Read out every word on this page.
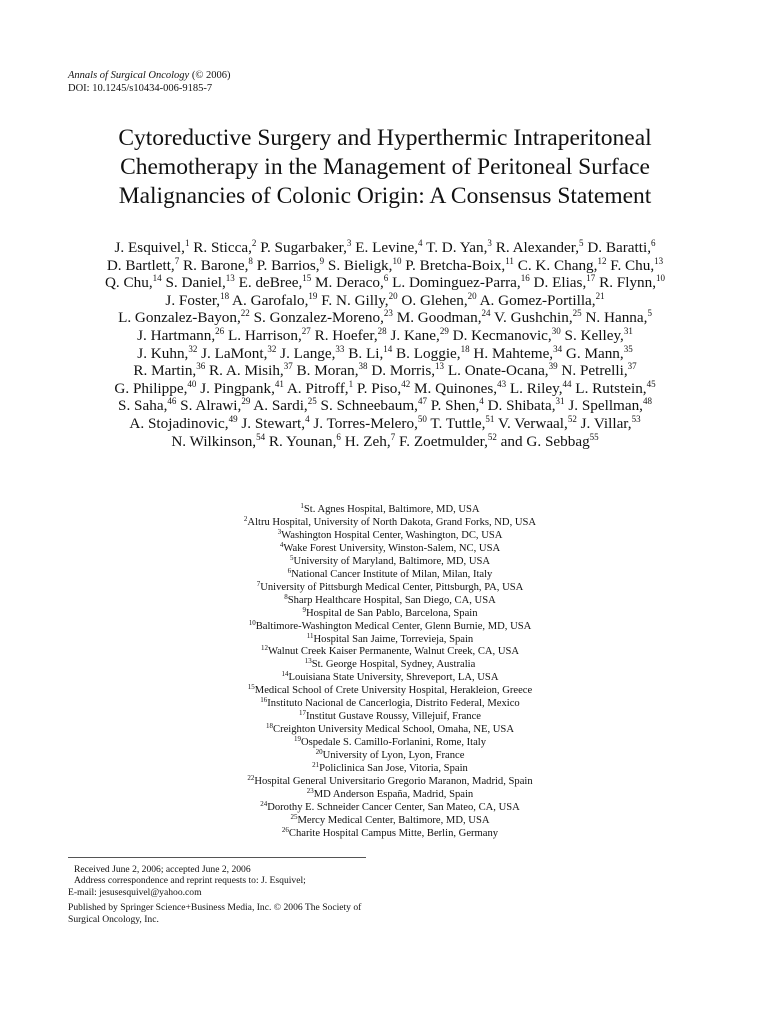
Annals of Surgical Oncology (© 2006)
DOI: 10.1245/s10434-006-9185-7
Cytoreductive Surgery and Hyperthermic Intraperitoneal
Chemotherapy in the Management of Peritoneal Surface
Malignancies of Colonic Origin: A Consensus Statement
J. Esquivel,$^1$ R. Sticca,$^2$ P. Sugarbaker,$^3$ E. Levine,$^4$ T. D. Yan,$^3$ R. Alexander,$^5$ D. Baratti,$^6$
D. Bartlett,$^7$ R. Barone,$^8$ P. Barrios,$^9$ S. Bieligk,$^{10}$ P. Bretcha-Boix,$^{11}$ C. K. Chang,$^{12}$ F. Chu,$^{13}$
Q. Chu,$^{14}$ S. Daniel,$^{13}$ E. deBree,$^{15}$ M. Deraco,$^6$ L. Dominguez-Parra,$^{16}$ D. Elias,$^{17}$ R. Flynn,$^{10}$
J. Foster,$^{18}$ A. Garofalo,$^{19}$ F. N. Gilly,$^{20}$ O. Glehen,$^{20}$ A. Gomez-Portilla,$^{21}$
L. Gonzalez-Bayon,$^{22}$ S. Gonzalez-Moreno,$^{23}$ M. Goodman,$^{24}$ V. Gushchin,$^{25}$ N. Hanna,$^5$
J. Hartmann,$^{26}$ L. Harrison,$^{27}$ R. Hoefer,$^{28}$ J. Kane,$^{29}$ D. Kecmanovic,$^{30}$ S. Kelley,$^{31}$
J. Kuhn,$^{32}$ J. LaMont,$^{32}$ J. Lange,$^{33}$ B. Li,$^{14}$ B. Loggie,$^{18}$ H. Mahteme,$^{34}$ G. Mann,$^{35}$
R. Martin,$^{36}$ R. A. Misih,$^{37}$ B. Moran,$^{38}$ D. Morris,$^{13}$ L. Onate-Ocana,$^{39}$ N. Petrelli,$^{37}$
G. Philippe,$^{40}$ J. Pingpank,$^{41}$ A. Pitroff,$^1$ P. Piso,$^{42}$ M. Quinones,$^{43}$ L. Riley,$^{44}$ L. Rutstein,$^{45}$
S. Saha,$^{46}$ S. Alrawi,$^{29}$ A. Sardi,$^{25}$ S. Schneebaum,$^{47}$ P. Shen,$^4$ D. Shibata,$^{31}$ J. Spellman,$^{48}$
A. Stojadinovic,$^{49}$ J. Stewart,$^4$ J. Torres-Melero,$^{50}$ T. Tuttle,$^{51}$ V. Verwaal,$^{52}$ J. Villar,$^{53}$
N. Wilkinson,$^{54}$ R. Younan,$^6$ H. Zeh,$^7$ F. Zoetmulder,$^{52}$ and G. Sebbag$^{55}$
$^1$St. Agnes Hospital, Baltimore, MD, USA
$^2$Altru Hospital, University of North Dakota, Grand Forks, ND, USA
$^3$Washington Hospital Center, Washington, DC, USA
$^4$Wake Forest University, Winston-Salem, NC, USA
$^5$University of Maryland, Baltimore, MD, USA
$^6$National Cancer Institute of Milan, Milan, Italy
$^7$University of Pittsburgh Medical Center, Pittsburgh, PA, USA
$^8$Sharp Healthcare Hospital, San Diego, CA, USA
$^9$Hospital de San Pablo, Barcelona, Spain
$^{10}$Baltimore-Washington Medical Center, Glenn Burnie, MD, USA
$^{11}$Hospital San Jaime, Torrevieja, Spain
$^{12}$Walnut Creek Kaiser Permanente, Walnut Creek, CA, USA
$^{13}$St. George Hospital, Sydney, Australia
$^{14}$Louisiana State University, Shreveport, LA, USA
$^{15}$Medical School of Crete University Hospital, Herakleion, Greece
$^{16}$Instituto Nacional de Cancerlogia, Distrito Federal, Mexico
$^{17}$Institut Gustave Roussy, Villejuif, France
$^{18}$Creighton University Medical School, Omaha, NE, USA
$^{19}$Ospedale S. Camillo-Forlanini, Rome, Italy
$^{20}$University of Lyon, Lyon, France
$^{21}$Policlinica San Jose, Vitoria, Spain
$^{22}$Hospital General Universitario Gregorio Maranon, Madrid, Spain
$^{23}$MD Anderson España, Madrid, Spain
$^{24}$Dorothy E. Schneider Cancer Center, San Mateo, CA, USA
$^{25}$Mercy Medical Center, Baltimore, MD, USA
$^{26}$Charite Hospital Campus Mitte, Berlin, Germany
Received June 2, 2006; accepted June 2, 2006
Address correspondence and reprint requests to: J. Esquivel;
E-mail: jesusesquivel@yahoo.com
Published by Springer Science+Business Media, Inc. © 2006 The Society of
Surgical Oncology, Inc.
